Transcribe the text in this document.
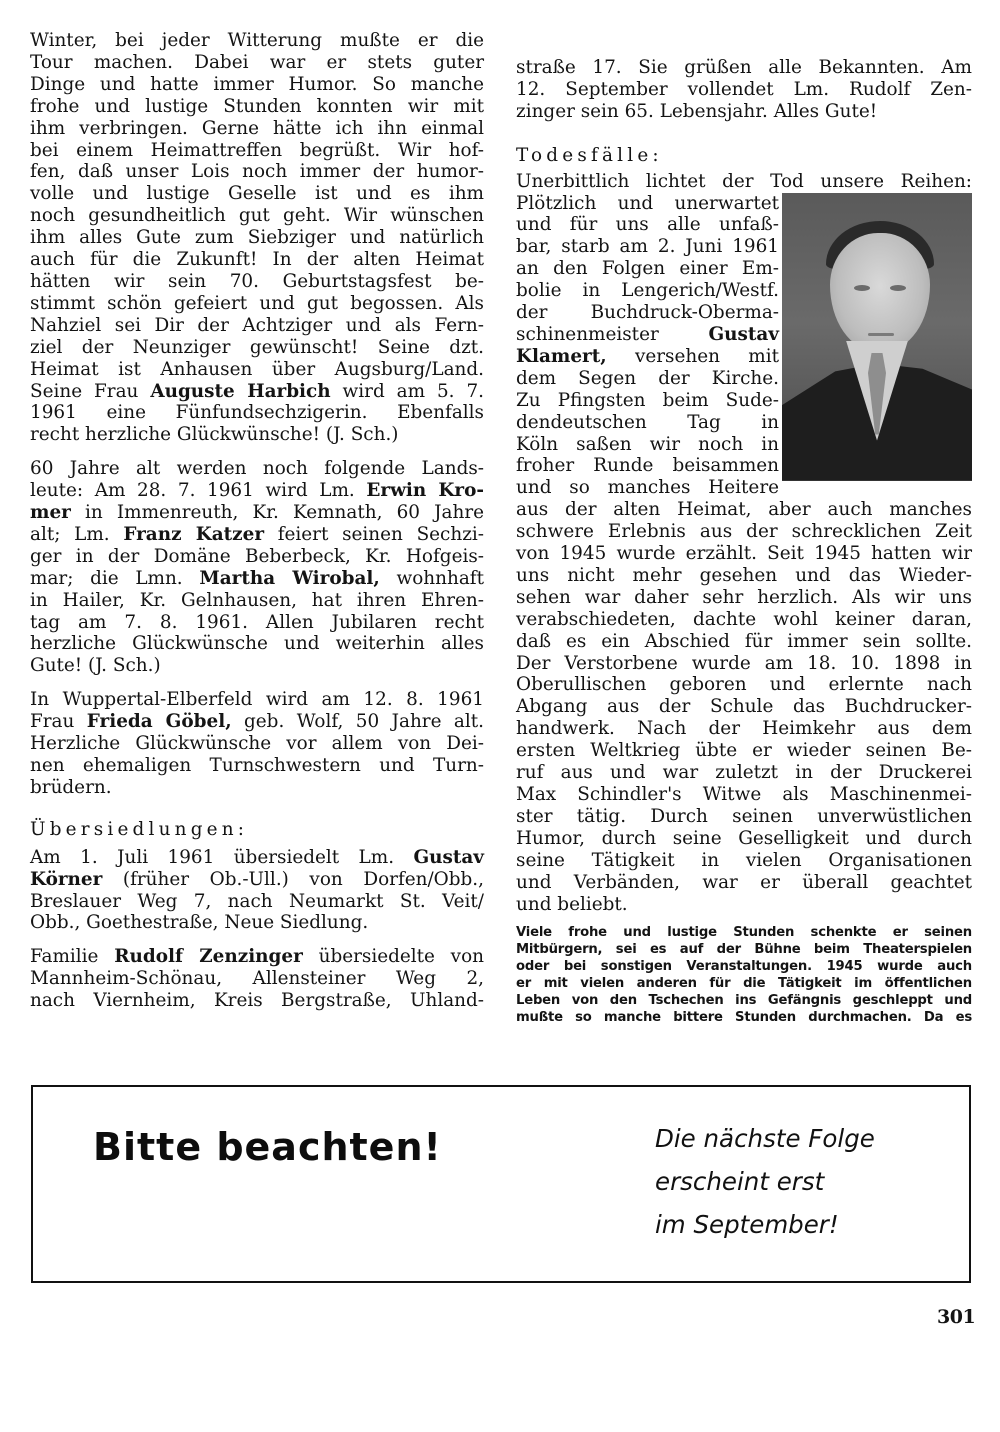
Winter, bei jeder Witterung mußte er die
Tour machen. Dabei war er stets guter
Dinge und hatte immer Humor. So manche
frohe und lustige Stunden konnten wir mit
ihm verbringen. Gerne hätte ich ihn einmal
bei einem Heimattreffen begrüßt. Wir hof-
fen, daß unser Lois noch immer der humor-
volle und lustige Geselle ist und es ihm
noch gesundheitlich gut geht. Wir wünschen
ihm alles Gute zum Siebziger und natürlich
auch für die Zukunft! In der alten Heimat
hätten wir sein 70. Geburtstagsfest be-
stimmt schön gefeiert und gut begossen. Als
Nahziel sei Dir der Achtziger und als Fern-
ziel der Neunziger gewünscht! Seine dzt.
Heimat ist Anhausen über Augsburg/Land.
Seine Frau Auguste Harbich wird am 5. 7.
1961 eine Fünfundsechzigerin. Ebenfalls
recht herzliche Glückwünsche! (J. Sch.)

60 Jahre alt werden noch folgende Lands-
leute: Am 28. 7. 1961 wird Lm. Erwin Kro-
mer in Immenreuth, Kr. Kemnath, 60 Jahre
alt; Lm. Franz Katzer feiert seinen Sechzi-
ger in der Domäne Beberbeck, Kr. Hofgeis-
mar; die Lmn. Martha Wirobal, wohnhaft
in Hailer, Kr. Gelnhausen, hat ihren Ehren-
tag am 7. 8. 1961. Allen Jubilaren recht
herzliche Glückwünsche und weiterhin alles
Gute! (J. Sch.)

In Wuppertal-Elberfeld wird am 12. 8. 1961
Frau Frieda Göbel, geb. Wolf, 50 Jahre alt.
Herzliche Glückwünsche vor allem von Dei-
nen ehemaligen Turnschwestern und Turn-
brüdern.

Übersiedlungen:

Am 1. Juli 1961 übersiedelt Lm. Gustav
Körner (früher Ob.-Ull.) von Dorfen/Obb.,
Breslauer Weg 7, nach Neumarkt St. Veit/
Obb., Goethestraße, Neue Siedlung.

Familie Rudolf Zenzinger übersiedelte von
Mannheim-Schönau, Allensteiner Weg 2,
nach Viernheim, Kreis Bergstraße, Uhland-

straße 17. Sie grüßen alle Bekannten. Am
12. September vollendet Lm. Rudolf Zen-
zinger sein 65. Lebensjahr. Alles Gute!

Todesfälle:

Unerbittlich lichtet der Tod unsere Reihen:

Plötzlich und unerwartet
und für uns alle unfaß-
bar, starb am 2. Juni 1961
an den Folgen einer Em-
bolie in Lengerich/Westf.
der Buchdruck-Oberma-
schinenmeister Gustav
Klamert, versehen mit
dem Segen der Kirche.
Zu Pfingsten beim Sude-
dendeutschen Tag in
Köln saßen wir noch in
froher Runde beisammen
und so manches Heitere

aus der alten Heimat, aber auch manches
schwere Erlebnis aus der schrecklichen Zeit
von 1945 wurde erzählt. Seit 1945 hatten wir
uns nicht mehr gesehen und das Wieder-
sehen war daher sehr herzlich. Als wir uns
verabschiedeten, dachte wohl keiner daran,
daß es ein Abschied für immer sein sollte.
Der Verstorbene wurde am 18. 10. 1898 in
Oberullischen geboren und erlernte nach
Abgang aus der Schule das Buchdrucker-
handwerk. Nach der Heimkehr aus dem
ersten Weltkrieg übte er wieder seinen Be-
ruf aus und war zuletzt in der Druckerei
Max Schindler's Witwe als Maschinenmei-
ster tätig. Durch seinen unverwüstlichen
Humor, durch seine Geselligkeit und durch
seine Tätigkeit in vielen Organisationen
und Verbänden, war er überall geachtet
und beliebt.

Viele frohe und lustige Stunden schenkte er seinen
Mitbürgern, sei es auf der Bühne beim Theaterspielen
oder bei sonstigen Veranstaltungen. 1945 wurde auch
er mit vielen anderen für die Tätigkeit im öffentlichen
Leben von den Tschechen ins Gefängnis geschleppt und
mußte so manche bittere Stunden durchmachen. Da es

Bitte beachten!	Die nächste Folge
erscheint erst
im September!
301
